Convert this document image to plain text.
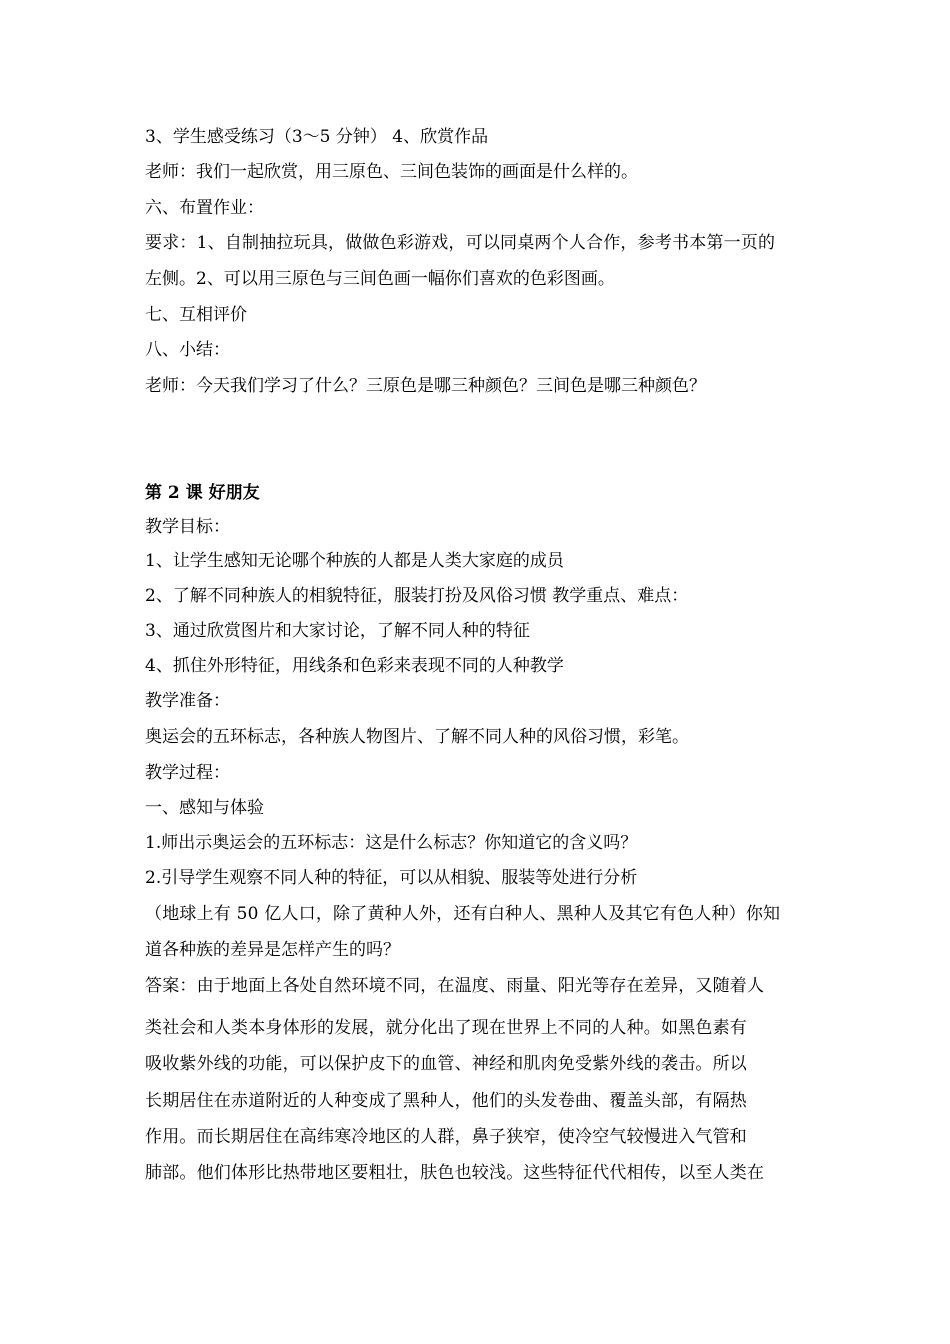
3、学生感受练习（3～5 分钟） 4、欣赏作品
老师：我们一起欣赏，用三原色、三间色装饰的画面是什么样的。
六、布置作业：
要求：1、自制抽拉玩具，做做色彩游戏，可以同桌两个人合作，参考书本第一页的
左侧。2、可以用三原色与三间色画一幅你们喜欢的色彩图画。
七、互相评价
八、小结：
老师：今天我们学习了什么？三原色是哪三种颜色？三间色是哪三种颜色？
第 2 课 好朋友
教学目标：
1、让学生感知无论哪个种族的人都是人类大家庭的成员
2、了解不同种族人的相貌特征，服装打扮及风俗习惯 教学重点、难点：
3、通过欣赏图片和大家讨论，了解不同人种的特征
4、抓住外形特征，用线条和色彩来表现不同的人种教学
教学准备：
奥运会的五环标志，各种族人物图片、了解不同人种的风俗习惯，彩笔。
教学过程：
一、感知与体验
1.师出示奥运会的五环标志：这是什么标志？你知道它的含义吗？
2.引导学生观察不同人种的特征，可以从相貌、服装等处进行分析
（地球上有 50 亿人口，除了黄种人外，还有白种人、黑种人及其它有色人种）你知
道各种族的差异是怎样产生的吗？
答案：由于地面上各处自然环境不同，在温度、雨量、阳光等存在差异，又随着人
类社会和人类本身体形的发展，就分化出了现在世界上不同的人种。如黑色素有
吸收紫外线的功能，可以保护皮下的血管、神经和肌肉免受紫外线的袭击。所以
长期居住在赤道附近的人种变成了黑种人，他们的头发卷曲、覆盖头部，有隔热
作用。而长期居住在高纬寒冷地区的人群，鼻子狭窄，使冷空气较慢进入气管和
肺部。他们体形比热带地区要粗壮，肤色也较浅。这些特征代代相传，以至人类在
